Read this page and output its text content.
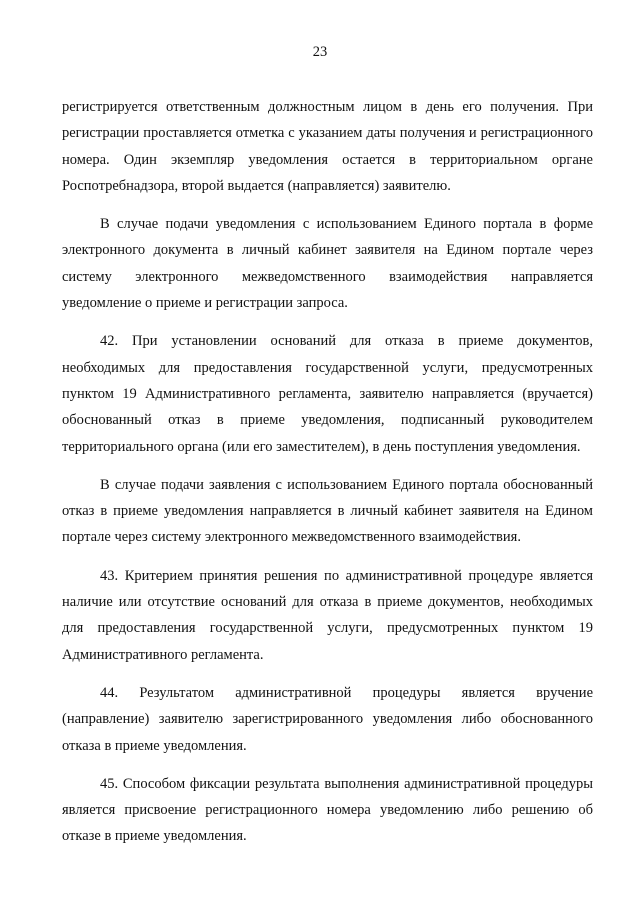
23

регистрируется ответственным должностным лицом в день его получения. При регистрации проставляется отметка с указанием даты получения и регистрационного номера. Один экземпляр уведомления остается в территориальном органе Роспотребнадзора, второй выдается (направляется) заявителю.

В случае подачи уведомления с использованием Единого портала в форме электронного документа в личный кабинет заявителя на Едином портале через систему электронного межведомственного взаимодействия направляется уведомление о приеме и регистрации запроса.

42. При установлении оснований для отказа в приеме документов, необходимых для предоставления государственной услуги, предусмотренных пунктом 19 Административного регламента, заявителю направляется (вручается) обоснованный отказ в приеме уведомления, подписанный руководителем территориального органа (или его заместителем), в день поступления уведомления.

В случае подачи заявления с использованием Единого портала обоснованный отказ в приеме уведомления направляется в личный кабинет заявителя на Едином портале через систему электронного межведомственного взаимодействия.

43. Критерием принятия решения по административной процедуре является наличие или отсутствие оснований для отказа в приеме документов, необходимых для предоставления государственной услуги, предусмотренных пунктом 19 Административного регламента.

44. Результатом административной процедуры является вручение (направление) заявителю зарегистрированного уведомления либо обоснованного отказа в приеме уведомления.

45. Способом фиксации результата выполнения административной процедуры является присвоение регистрационного номера уведомлению либо решению об отказе в приеме уведомления.
